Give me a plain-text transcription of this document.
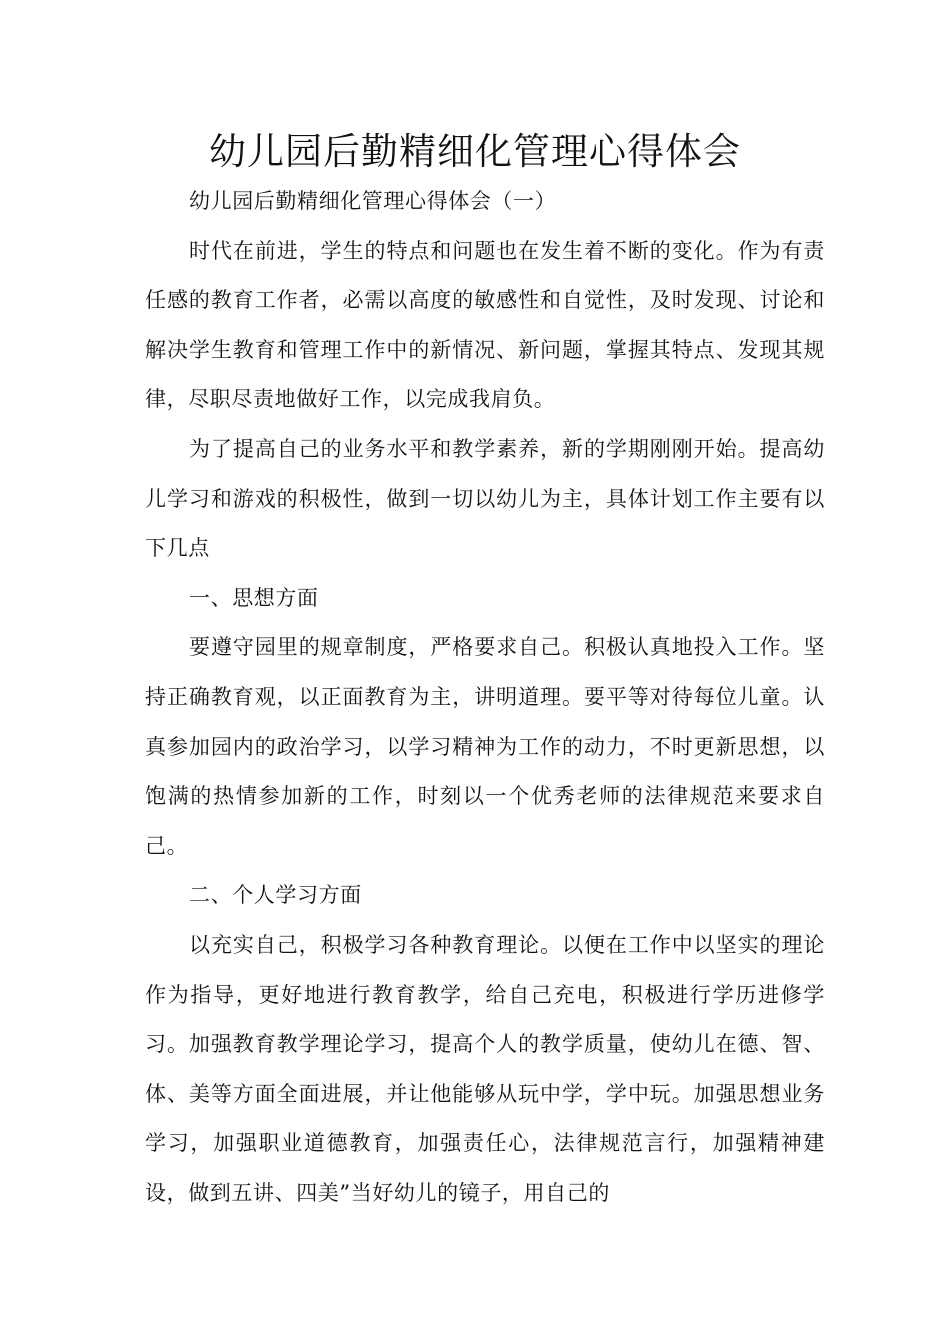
幼儿园后勤精细化管理心得体会

幼儿园后勤精细化管理心得体会（一）

时代在前进，学生的特点和问题也在发生着不断的变化。作为有责任感的教育工作者，必需以高度的敏感性和自觉性，及时发现、讨论和解决学生教育和管理工作中的新情况、新问题，掌握其特点、发现其规律，尽职尽责地做好工作，以完成我肩负。

为了提高自己的业务水平和教学素养，新的学期刚刚开始。提高幼儿学习和游戏的积极性，做到一切以幼儿为主，具体计划工作主要有以下几点

一、思想方面

要遵守园里的规章制度，严格要求自己。积极认真地投入工作。坚持正确教育观，以正面教育为主，讲明道理。要平等对待每位儿童。认真参加园内的政治学习，以学习精神为工作的动力，不时更新思想，以饱满的热情参加新的工作，时刻以一个优秀老师的法律规范来要求自己。

二、个人学习方面

以充实自己，积极学习各种教育理论。以便在工作中以坚实的理论作为指导，更好地进行教育教学，给自己充电，积极进行学历进修学习。加强教育教学理论学习，提高个人的教学质量，使幼儿在德、智、体、美等方面全面进展，并让他能够从玩中学，学中玩。加强思想业务学习，加强职业道德教育，加强责任心，法律规范言行，加强精神建设，做到五讲、四美”当好幼儿的镜子，用自己的
